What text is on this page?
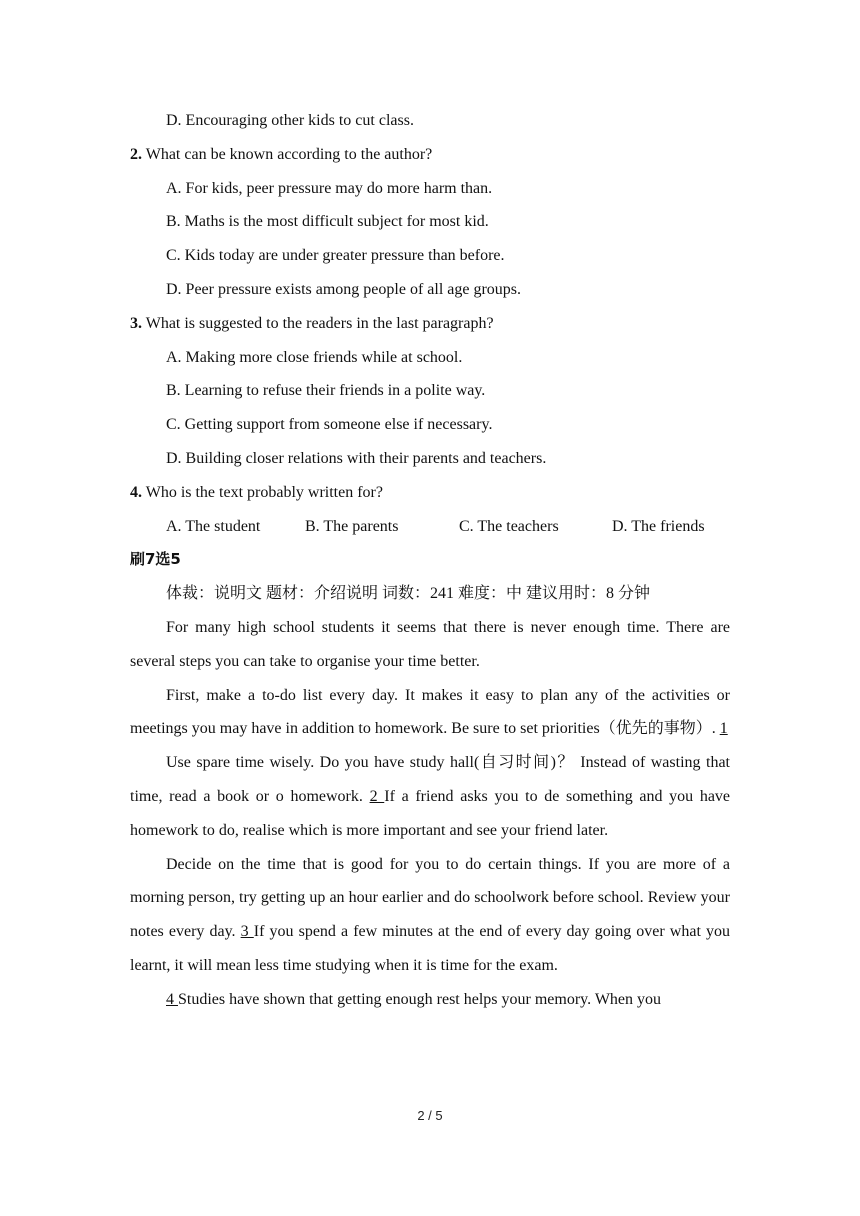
D. Encouraging other kids to cut class.
2. What can be known according to the author?
A. For kids, peer pressure may do more harm than.
B. Maths is the most difficult subject for most kid.
C. Kids today are under greater pressure than before.
D. Peer pressure exists among people of all age groups.
3. What is suggested to the readers in the last paragraph?
A. Making more close friends while at school.
B. Learning to refuse their friends in a polite way.
C. Getting support from someone else if necessary.
D. Building closer relations with their parents and teachers.
4. Who is the text probably written for?
A. The student	B. The parents	C. The teachers	D. The friends
刷7选5
体裁：说明文 题材：介绍说明 词数：241 难度：中 建议用时：8 分钟
For many high school students it seems that there is never enough time. There are several steps you can take to organise your time better.
First, make a to-do list every day. It makes it easy to plan any of the activities or meetings you may have in addition to homework. Be sure to set priorities（优先的事物）. 1
Use spare time wisely. Do you have study hall(自习时间)？ Instead of wasting that time, read a book or o homework. 2 If a friend asks you to de something and you have homework to do, realise which is more important and see your friend later.
Decide on the time that is good for you to do certain things. If you are more of a morning person, try getting up an hour earlier and do schoolwork before school. Review your notes every day. 3 If you spend a few minutes at the end of every day going over what you learnt, it will mean less time studying when it is time for the exam.
4 Studies have shown that getting enough rest helps your memory. When you
2 / 5
